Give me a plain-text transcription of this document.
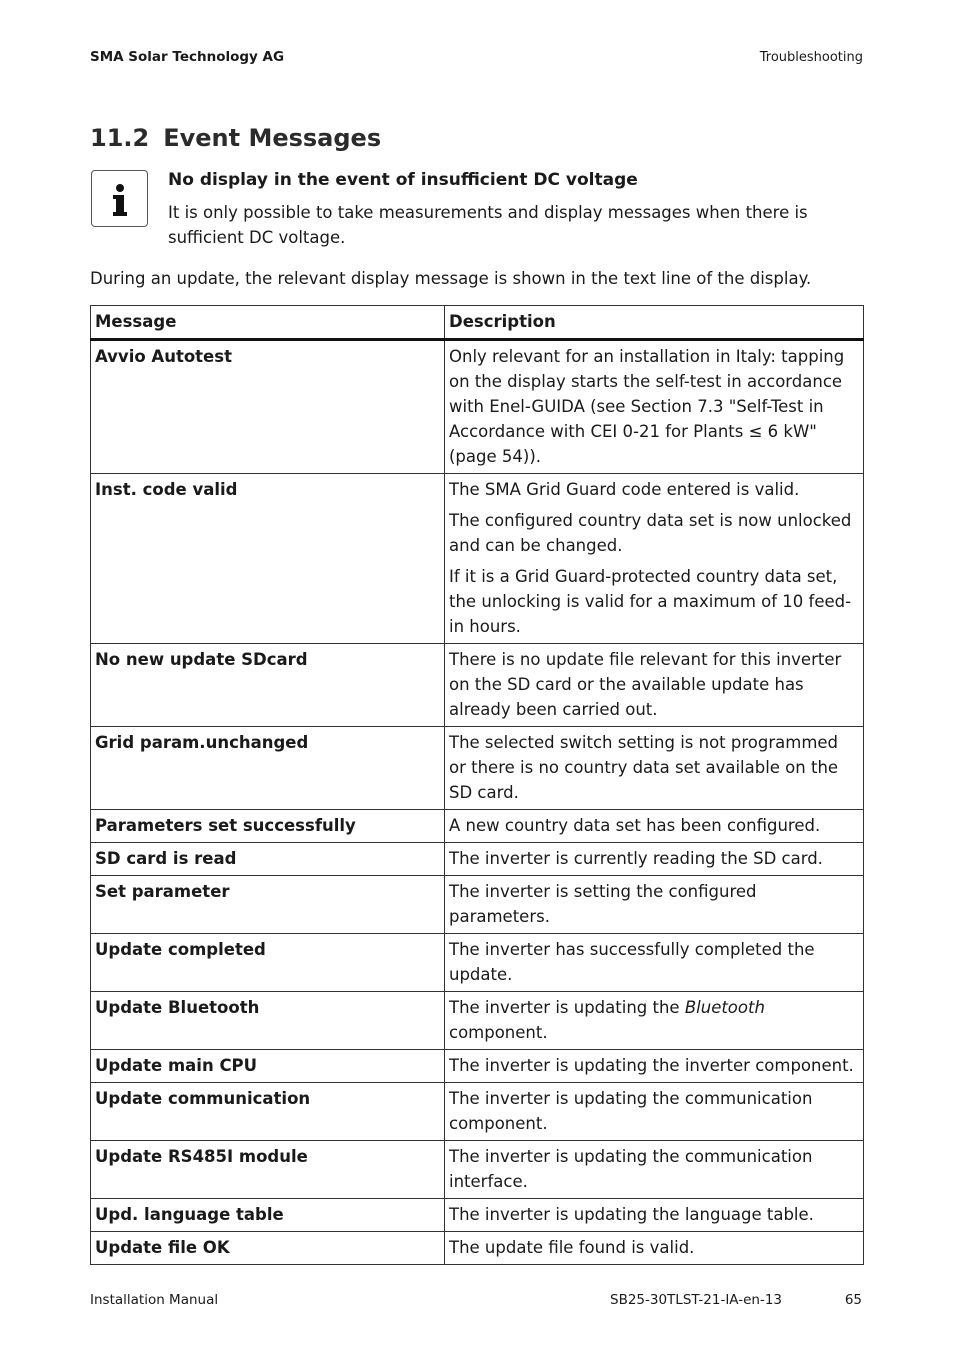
SMA Solar Technology AG	Troubleshooting
11.2 Event Messages
No display in the event of insufficient DC voltage
It is only possible to take measurements and display messages when there is sufficient DC voltage.
During an update, the relevant display message is shown in the text line of the display.
Message	Description
Avvio Autotest	Only relevant for an installation in Italy: tapping on the display starts the self-test in accordance with Enel-GUIDA (see Section 7.3 "Self-Test in Accordance with CEI 0-21 for Plants ≤ 6 kW" (page 54)).

Inst. code valid	The SMA Grid Guard code entered is valid.

The configured country data set is now unlocked and can be changed.

If it is a Grid Guard-protected country data set, the unlocking is valid for a maximum of 10 feed-in hours.

No new update SDcard	There is no update file relevant for this inverter on the SD card or the available update has already been carried out.

Grid param.unchanged	The selected switch setting is not programmed or there is no country data set available on the SD card.

Parameters set successfully	A new country data set has been configured.

SD card is read	The inverter is currently reading the SD card.

Set parameter	The inverter is setting the configured parameters.

Update completed	The inverter has successfully completed the update.

Update Bluetooth	The inverter is updating the Bluetooth component.

Update main CPU	The inverter is updating the inverter component.

Update communication	The inverter is updating the communication component.

Update RS485I module	The inverter is updating the communication interface.

Upd. language table	The inverter is updating the language table.

Update file OK	The update file found is valid.

Installation Manual	SB25-30TLST-21-IA-en-13	65
